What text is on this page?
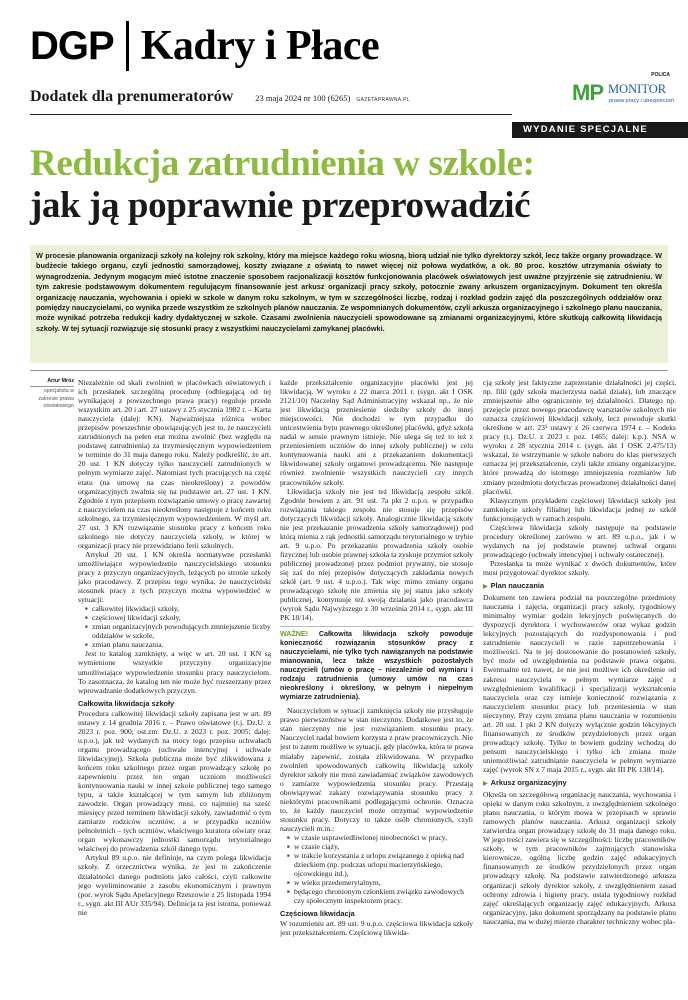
DGP Kadry i Płace
Dodatek dla prenumeratorów	23 maja 2024 nr 100 (6265) GAZETAPRAWNA.PL
POLICA
MP MONITOR
prawa pracy i ubezpieczeń
WYDANIE SPECJALNE
Redukcja zatrudnienia w szkole:
jak ją poprawnie przeprowadzić
W procesie planowania organizacji szkoły na kolejny rok szkolny, który ma miejsce każdego roku wiosną, biorą udział nie tylko dyrektorzy szkół, lecz także organy prowadzące. W budżecie takiego organu, czyli jednostki samorządowej, koszty związane z oświatą to nawet więcej niż połowa wydatków, a ok. 80 proc. kosztów utrzymania oświaty to wynagrodzenia. Jedynym mogącym mieć istotne znaczenie sposobem racjonalizacji kosztów funkcjonowania placówek oświatowych jest uważne przyjrzenie się zatrudnieniu. W tym zakresie podstawowym dokumentem regulującym finansowanie jest arkusz organizacji pracy szkoły, potocznie zwany arkuszem organizacyjnym. Dokument ten określa organizację nauczania, wychowania i opieki w szkole w danym roku szkolnym, w tym w szczególności liczbę, rodzaj i rozkład godzin zajęć dla poszczególnych oddziałów oraz pomiędzy nauczycielami, co wynika przede wszystkim ze szkolnych planów nauczania. Ze wspomnianych dokumentów, czyli arkusza organizacyjnego i szkolnego planu nauczania, może wynikać potrzeba redukcji kadry dydaktycznej w szkole. Czasami zwolnienia nauczycieli spowodowane są zmianami organizacyjnymi, które skutkują całkowitą likwidacją szkoły. W tej sytuacji rozwiązuje się stosunki pracy z wszystkimi nauczycielami zamykanej placówki.
Artur Mróz
specjalista w zakresie prawa oświatowego

Niezależnie od skali zwolnień w placówkach oświatowych i ich przesłanek szczególną procedurę (odbiegającą od tej wynikającej z powszechnego prawa pracy) reguluje przede wszystkim art. 20 i art. 27 ustawy z 25 stycznia 1982 r. – Karta nauczyciela (dalej: KN). Najważniejsza różnica wobec przepisów powszechnie obowiązujących jest to, że nauczycieli zatrudnionych na pełen etat można zwolnić (bez względu na podstawę zatrudnienia) za trzymiesięcznym wypowiedzeniem w terminie do 31 maja danego roku. Należy podkreślić, że art. 20 ust. 1 KN dotyczy tylko nauczycieli zatrudnionych w pełnym wymiarze zajęć. Natomiast tych pracujących na część etatu (na umowę na czas nieokreślony) z powodów organizacyjnych zwalnia się na podstawie art. 27 ust. 1 KN. Zgodnie z tym przepisem rozwiązanie umowy o pracę zawartej z nauczycielem na czas nieokreślony następuje z końcem roku szkolnego, za trzymiesięcznym wypowiedzeniem. W myśl art. 27 ust. 3 KN rozwiązanie stosunku pracy z końcem roku szkolnego nie dotyczy nauczyciela szkoły, w której w organizacji pracy nie przewidziano ferii szkolnych.

Artykuł 20 ust. 1 KN określa normatywne przesłanki umożliwiające wypowiedzenie nauczycielskiego stosunku pracy z przyczyn organizacyjnych, leżących po stronie szkoły jako pracodawcy. Z przepisu tego wynika, że nauczycielski stosunek pracy z tych przyczyn można wypowiedzieć w sytuacji:

■ całkowitej likwidacji szkoły,
■ częściowej likwidacji szkoły,
■ zmian organizacyjnych powodujących zmniejszenie liczby oddziałów w szkole,
■ zmian planu nauczania.

Jest to katalog zamknięty, a więc w art. 20 ust. 1 KN są wymienione wszystkie przyczyny organizacyjne umożliwiające wypowiedzenie stosunku pracy nauczycielom. To zasoznacza, że katalog ten nie może być rozszerzany przez wprowadzanie dodatkowych przyczyn.

Całkowita likwidacja szkoły

Procedura całkowitej likwidacji szkoły zapisana jest w art. 89 ustawy z 14 grudnia 2016 r. – Prawo oświatowe (t.j. Dz.U. z 2023 r. poz. 900; ost.zm. Dz.U. z 2023 r. poz. 2005; dalej: u.p.o.), jak też wydanych na mocy tego przepisu uchwałach organu prowadzącego (uchwale intencyjnej i uchwale likwidacyjnej). Szkoła publiczna może być zlikwidowana z końcem roku szkolnego przez organ prowadzący szkołę po zapewnieniu przez ten organ uczniom możliwości kontynuowania nauki w innej szkole publicznej tego samego typu, a także kształcącej w tym samym lub zbliżonym zawodzie. Organ prowadzący musi, co najmniej na sześć miesięcy przed terminem likwidacji szkoły, zawiadomić o tym zamiarze rodziców uczniów, a w przypadku uczniów pełnoletnich – tych uczniów, właściwego kuratora oświaty oraz organ wykonawczy jednostki samorządu terytorialnego właściwej do prowadzenia szkół danego typu.

Artykuł 89 u.p.o. nie definiuje, na czym polega likwidacja szkoły. Z orzecznictwa wynika, że jest to zakończenie działalności danego podmiotu jako całości, czyli całkowite jego wyeliminowanie z zasobu ekonomicznym i prawnym (por. wyrok Sądu Apelacyjnego Rzeszowie z 25 listopada 1994 r., sygn. akt III AUr 335/94). Definicja ta jest istotna, ponieważ nie

każde przekształcenie organizacyjne placówki jest jej likwidacją. W wyroku z 22 marca 2011 r. (sygn. akt I OSK 2121/10) Naczelny Sąd Administracyjny wskazał np., że nie jest likwidacją przeniesienie siedziby szkoły do innej miejscowości. Nie dochodzi w tym przypadku do unicestwienia bytu prawnego określonej placówki, gdyż szkoła nadal w sensie prawnym istnieje. Nie ulega się też to też z przeniesieniem uczniów do innej szkoły publicznej) w celu kontynuowania nauki ani z przekazaniem dokumentacji likwidowanej szkoły organowi prowadzącemu. Nie następuje również zwolnienie wszystkich nauczycieli czy innych pracowników szkoły.

Likwidacja szkoły nie jest też likwidacją zespołu szkół. Zgodnie bowiem z art. 91 ust. 7a pkt 2 u.p.o. w przypadku rozwiązania takiego zespołu nie stosuje się przepisów dotyczących likwidacji szkoły. Analogicznie likwidacją szkoły nie jest przekazanie prowadzenia szkoły samorządowej) pod którą mienia z rąk jednostki samorządu terytorialnego w trybie art. 9 u.p.o. Po przekazaniu prowadzenia szkoły osobie fizycznej lub osobie prawnej szkoła ta zyskuje przymiot szkoły publicznej prowadzonej przez podmiot prywatny, nie stosuje się zaś do niej przepisów dotyczących zakładania nowych szkół (art. 9 ust. 4 u.p.o.). Tak więc mimo zmiany organu prowadzącego szkołę nie zmienia się jej status jako szkoły publicznej, kontynuuje też swoją działania jako pracodawca (wyrok Sądu Najwyższego z 30 września 2014 r., sygn. akt III PK 18/14).

WAŻNE! Całkowita likwidacja szkoły powoduje konieczność rozwiązania stosunków pracy z nauczycielami, nie tylko tych nawiązanych na podstawie mianowania, lecz także wszystkich pozostałych nauczycieli (umów o pracę – niezależnie od wymiaru i rodzaju zatrudnienia (umowy umów na czas nieokreślony i określony, w pełnym i niepełnym wymiarze zatrudnienia).

Nauczycielom w sytuacji zamknięcia szkoły nie przysługuje prawo pierwszeństwa w stan nieczynny. Dodatkowe jest to, że stan nieczynny nie jest rozwiązaniem stosunku pracy. Nauczyciel nadal bowiem korzysta z praw pracowniczych. Nie jest to zatem możliwe w sytuacji, gdy placówka, która te prawa miałaby zapewnić, została zlikwidowana. W przypadku zwolnień spowodowanych całkowitą likwidacją szkoły dyrektor szkoły nie musi zawiadamiać związków zawodowych o zamiarze wypowiedzenia stosunku pracy. Przestają obowiązywać zakazy rozwiązywania stosunku pracy z niektórymi pracownikami podlegającymi ochronie. Oznacza to, że każdy nauczyciel może otrzymać wypowiedzenie stosunku pracy. Dotyczy to także osób chronionych, czyli nauczycieli m.in.:

■ w czasie usprawiedliwionej nieobecności w pracy,
■ w czasie ciąży,
■ w trakcie korzystania z urlopu związanego z opieką nad dzieckiem (np. podczas urlopu macierzyńskiego, ojcowskiego itd.),
■ w wieku przedemerytalnym,
■ będącego chronionym członkiem związku zawodowych czy społecznym inspektorem pracy.
Częściowa likwidacja

W rozumieniu art. 89 ust. 9 u.p.o. częściowa likwidacja szkoły jest przekształceniem. Częściową likwida-

cją szkoły jest faktyczne zaprzestanie działalności jej części, np. filii (gdy szkoła macierzysta nadal działa), lub znaczące zmniejszenie albo ograniczenie tej działalności. Dlatego np. przejęcie przez nowego pracodawcę warsztatów szkolnych nie oznacza częściowej likwidacji szkoły, lecz powoduje skutki określone w art. 23¹ ustawy z 26 czerwca 1974 r. – Kodeks pracy (t.j. Dz.U. z 2023 r. poz. 1465; dalej: k.p.). NSA w wyroku z 28 stycznia 2014 r. (sygn. akt I OSK 2.475/13) wskazał, że wstrzymanie w szkole naboru do klas pierwszych oznacza jej przekształcenie, czyli także zmiany organizacyjne, które prowadzą do istotnego zmniejszenia rozmiarów lub zmiany przedmiotu dotychczas prowadzonej działalności danej placówki.

Klasycznym przykładem częściowej likwidacji szkoły jest zamknięcie szkoły filialnej lub likwidacja jednej ze szkół funkcjonujących w ramach zespołu.

Częściowa likwidacja szkoły następuje na podstawie procedury określonej zarówno w art. 89 u.p.o., jak i w wydanych na jej podstawie prawnej uchwał organu prowadzącego (uchwały intencyjnej i uchwały ostatecznej).

Przesłanka ta może wynikać z dwóch dokumentów, które musi przygotować dyrektor szkoły.

▶ Plan nauczania

Dokument ten zawiera podział na poszczególne przedmioty nauczania i zajęcia, organizacji pracy szkoły, tygodniowy minimalny wymiar godzin lekcyjnych poświęcanych do dyspozycji dyrektora i wychowawców oraz wykaz godzin lekcyjnych pozostających do rozdysponowania i pod zatrudnienie nauczycieli w razie zapotrzebowania i możliwości. Na te jej dostosowanie do postanowień szkoły, być może od uwzględnienia na podstawie prawa organu. Ewentualne też nawet, że nie jest możliwe ich określenie od zakresu nauczyciela w pełnym wymiarze zajęć z uwzględnieniem kwalifikacji i specjalizacji wykształcenia nauczyciela oraz czy istnieje konieczność rozwiązania z nauczycielem stosunku pracy lub przeniesienia w stan nieczynny. Przy czym zmiana planu nauczania w rozumieniu art. 20 ust. 1 pkt 2 KN dotyczy wyłącznie godzin lekcyjnych finansowanych ze środków przydzielonych przez organ prowadzący szkołę. Tylko te bowiem godziny wchodzą do pensum nauczycielskiego i tylko ich zmiana może uniemożliwiać zatrudnianie nauczyciela w pełnym wymiarze zajęć (wyrok SN z 7 maja 2015 r., sygn. akt III PK 138/14).

▶ Arkusz organizacyjny

Określa on szczegółową organizację nauczania, wychowania i opieki w danym roku szkolnym, z uwzględnieniem szkolnego planu nauczania, o którym mowa w przepisach w sprawie ramowych planów nauczania. Arkusz organizacji szkoły zatwierdza organ prowadzący szkołę do 31 maja danego roku. W jego treści zawiera się w szczególności: liczbę pracowników szkoły, w tym pracowników zajmujących stanowiska kierownicze, ogólną liczbę godzin zajęć edukacyjnych finansowanych ze środków przydzielonych przez organ prowadzący szkołę. Na podstawie zatwierdzonego arkusza organizacji szkoły dyrektor szkoły, z uwzględnieniem zasad ochrony zdrowia i higieny pracy, ustala tygodniowy rozkład zajęć określających organizację zajęć edukacyjnych. Arkusz organizacyjny, jako dokument sporządzany na podstawie planu nauczania, ma w dużej mierze charakter techniczny wobec pla-
